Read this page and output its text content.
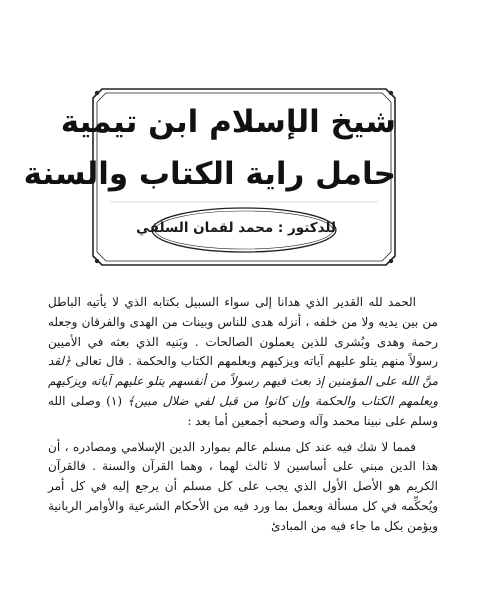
شيخ الإسلام ابن تيمية
حامل راية الكتاب والسنة
للدكتور : محمد لقمان السلفي

الحمد لله القدير الذي هدانا إلى سواء السبيل بكتابه الذي لا يأتيه الباطل من بين يديه ولا من خلفه ، أنزله هدى للناس وبينات من الهدى والفرقان وجعله رحمة وهدى وبُشرى للذين يعملون الصالحات . وبَنيه الذي بعثه في الأميين رسولاً منهم يتلو عليهم آياته ويزكيهم ويعلمهم الكتاب والحكمة . قال تعالى ﴿لقد منَّ الله على المؤمنين إذ بعث فيهم رسولاً من أنفسهم يتلو عليهم آياته ويزكيهم ويعلمهم الكتاب والحكمة وإن كانوا من قبل لفي ضلال مبين﴾ (١) وصلى الله وسلم على نبينا محمد وآله وصحبه أجمعين أما بعد :

فمما لا شك فيه عند كل مسلم عالم بموارد الدين الإسلامي ومصادره ، أن هذا الدين مبني على أساسين لا ثالث لهما ، وهما القرآن والسنة . فالقرآن الكريم هو الأصل الأول الذي يجب على كل مسلم أن يرجع إليه في كل أمر ويُحكِّمه في كل مسألة ويعمل بما ورد فيه من الأحكام الشرعية والأوامر الربانية ويؤمن بكل ما جاء فيه من المبادئ
